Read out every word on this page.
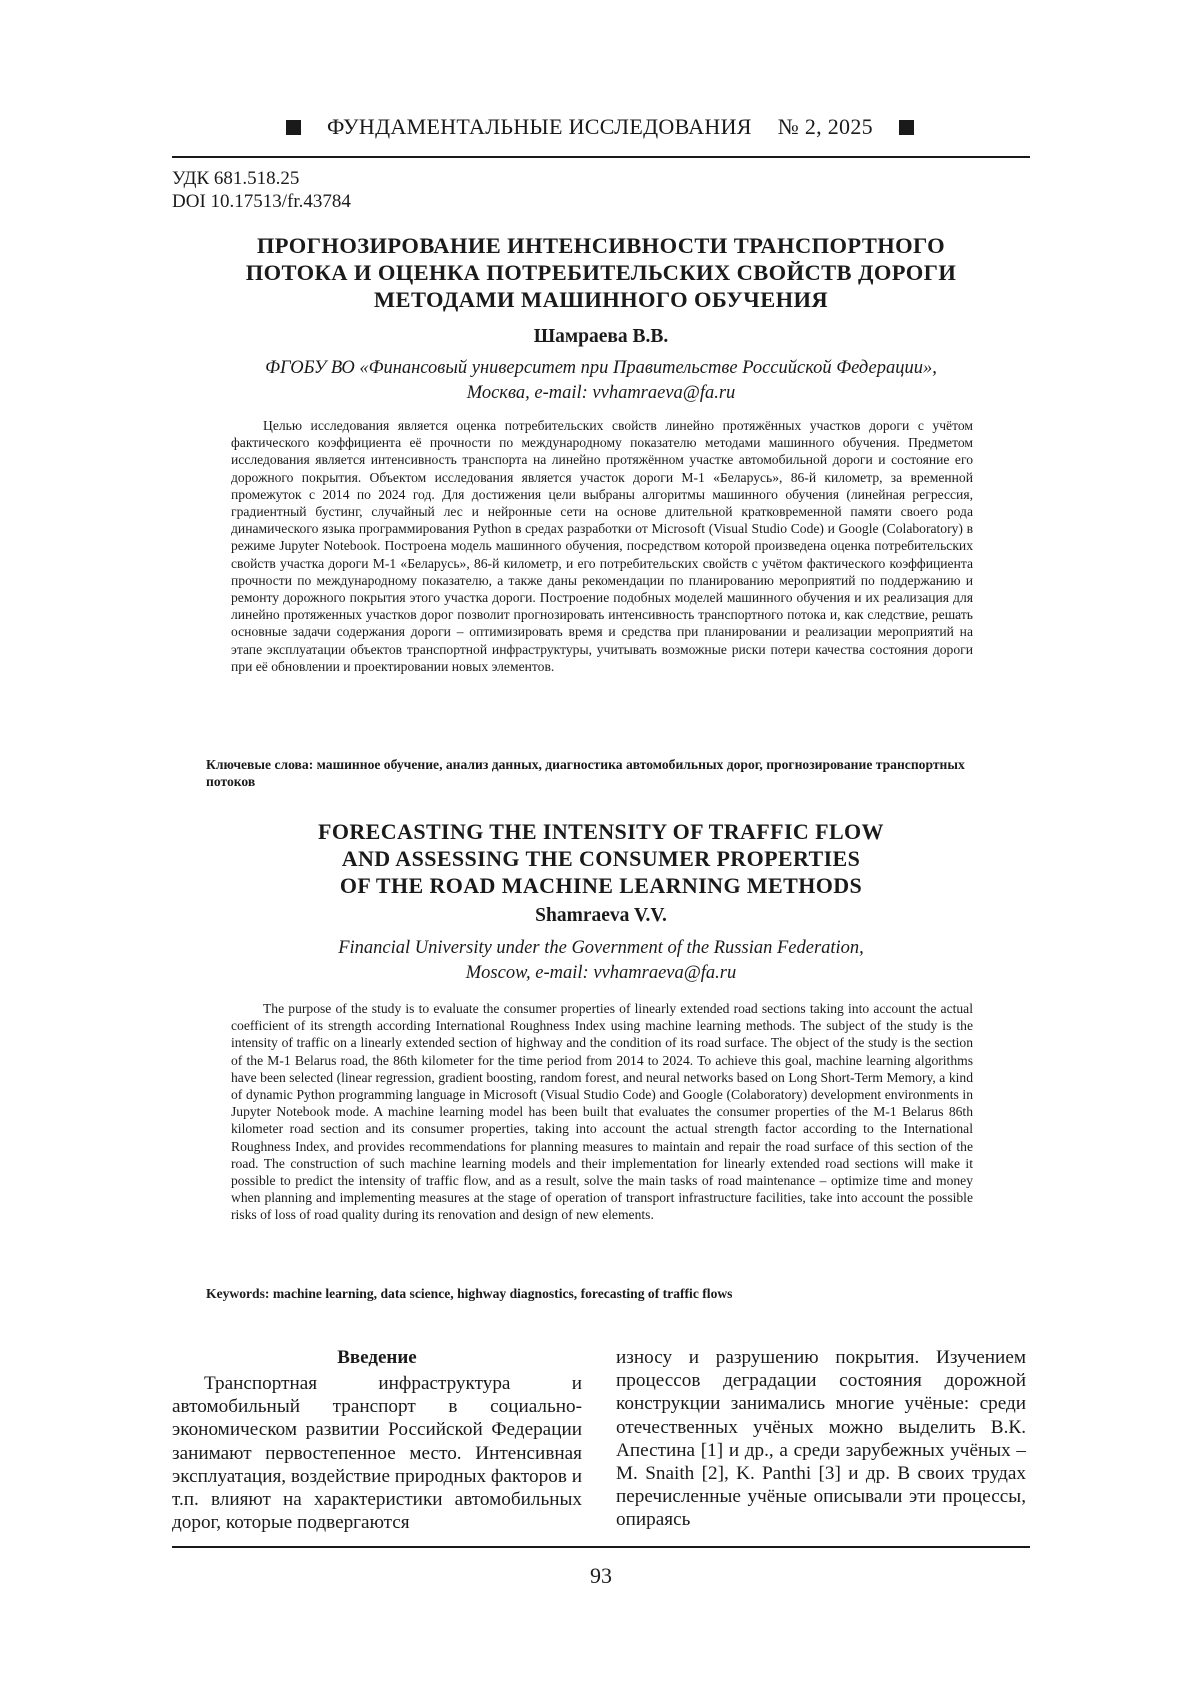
ФУНДАМЕНТАЛЬНЫЕ ИССЛЕДОВАНИЯ № 2, 2025
УДК 681.518.25
DOI 10.17513/fr.43784
ПРОГНОЗИРОВАНИЕ ИНТЕНСИВНОСТИ ТРАНСПОРТНОГО
ПОТОКА И ОЦЕНКА ПОТРЕБИТЕЛЬСКИХ СВОЙСТВ ДОРОГИ
МЕТОДАМИ МАШИННОГО ОБУЧЕНИЯ
Шамраева В.В.
ФГОБУ ВО «Финансовый университет при Правительстве Российской Федерации»,
Москва, e-mail: vvhamraeva@fa.ru
Целью исследования является оценка потребительских свойств линейно протяжённых участков дороги с учётом фактического коэффициента её прочности по международному показателю методами машинного обучения. Предметом исследования является интенсивность транспорта на линейно протяжённом участке автомобильной дороги и состояние его дорожного покрытия. Объектом исследования является участок дороги М-1 «Беларусь», 86-й километр, за временной промежуток с 2014 по 2024 год. Для достижения цели выбраны алгоритмы машинного обучения (линейная регрессия, градиентный бустинг, случайный лес и нейронные сети на основе длительной кратковременной памяти своего рода динамического языка программирования Python в средах разработки от Microsoft (Visual Studio Code) и Google (Colaboratory) в режиме Jupyter Notebook. Построена модель машинного обучения, посредством которой произведена оценка потребительских свойств участка дороги М-1 «Беларусь», 86-й километр, и его потребительских свойств с учётом фактического коэффициента прочности по международному показателю, а также даны рекомендации по планированию мероприятий по поддержанию и ремонту дорожного покрытия этого участка дороги. Построение подобных моделей машинного обучения и их реализация для линейно протяженных участков дорог позволит прогнозировать интенсивность транспортного потока и, как следствие, решать основные задачи содержания дороги – оптимизировать время и средства при планировании и реализации мероприятий на этапе эксплуатации объектов транспортной инфраструктуры, учитывать возможные риски потери качества состояния дороги при её обновлении и проектировании новых элементов.
Ключевые слова: машинное обучение, анализ данных, диагностика автомобильных дорог, прогнозирование транспортных потоков
FORECASTING THE INTENSITY OF TRAFFIC FLOW
AND ASSESSING THE CONSUMER PROPERTIES
OF THE ROAD MACHINE LEARNING METHODS
Shamraeva V.V.
Financial University under the Government of the Russian Federation,
Moscow, e-mail: vvhamraeva@fa.ru
The purpose of the study is to evaluate the consumer properties of linearly extended road sections taking into account the actual coefficient of its strength according International Roughness Index using machine learning methods. The subject of the study is the intensity of traffic on a linearly extended section of highway and the condition of its road surface. The object of the study is the section of the M-1 Belarus road, the 86th kilometer for the time period from 2014 to 2024. To achieve this goal, machine learning algorithms have been selected (linear regression, gradient boosting, random forest, and neural networks based on Long Short-Term Memory, a kind of dynamic Python programming language in Microsoft (Visual Studio Code) and Google (Colaboratory) development environments in Jupyter Notebook mode. A machine learning model has been built that evaluates the consumer properties of the M-1 Belarus 86th kilometer road section and its consumer properties, taking into account the actual strength factor according to the International Roughness Index, and provides recommendations for planning measures to maintain and repair the road surface of this section of the road. The construction of such machine learning models and their implementation for linearly extended road sections will make it possible to predict the intensity of traffic flow, and as a result, solve the main tasks of road maintenance – optimize time and money when planning and implementing measures at the stage of operation of transport infrastructure facilities, take into account the possible risks of loss of road quality during its renovation and design of new elements.
Keywords: machine learning, data science, highway diagnostics, forecasting of traffic flows
Введение
Транспортная инфраструктура и автомобильный транспорт в социально-экономическом развитии Российской Федерации занимают первостепенное место. Интенсивная эксплуатация, воздействие природных факторов и т.п. влияют на характеристики автомобильных дорог, которые подвергаются
износу и разрушению покрытия. Изучением процессов деградации состояния дорожной конструкции занимались многие учёные: среди отечественных учёных можно выделить В.К. Апестина [1] и др., а среди зарубежных учёных – M. Snaith [2], K. Panthi [3] и др. В своих трудах перечисленные учёные описывали эти процессы, опираясь
93
